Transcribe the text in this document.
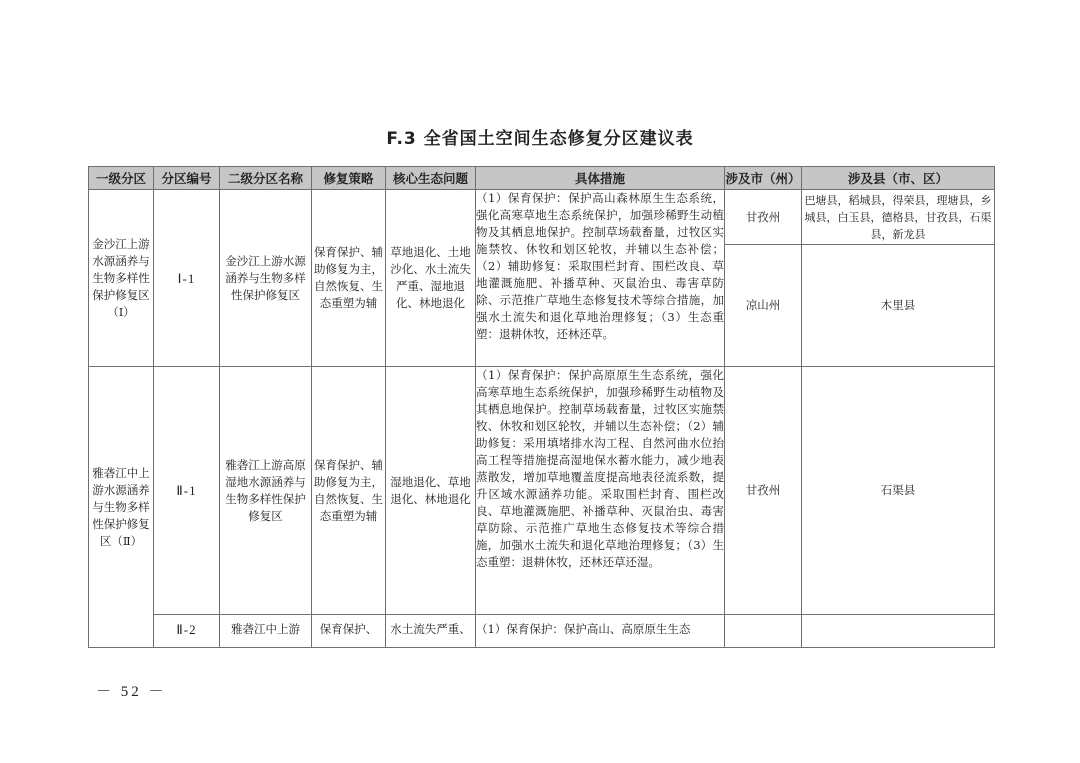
F.3 全省国土空间生态修复分区建议表
一级分区	分区编号	二级分区名称	修复策略	核心生态问题	具体措施	涉及市（州）	涉及县（市、区）
金沙江上游水源涵养与生物多样性保护修复区（Ⅰ）	Ⅰ-1	金沙江上游水源涵养与生物多样性保护修复区	保育保护、辅助修复为主，自然恢复、生态重塑为辅	草地退化、土地沙化、水土流失严重、湿地退化、林地退化	（1）保育保护：保护高山森林原生生态系统，强化高寒草地生态系统保护，加强珍稀野生动植物及其栖息地保护。控制草场载畜量，过牧区实施禁牧、休牧和划区轮牧，并辅以生态补偿；（2）辅助修复：采取围栏封育、围栏改良、草地灌溉施肥、补播草种、灭鼠治虫、毒害草防除、示范推广草地生态修复技术等综合措施，加强水土流失和退化草地治理修复；（3）生态重塑：退耕休牧，还林还草。	甘孜州	巴塘县，稻城县，得荣县，理塘县，乡城县，白玉县，德格县，甘孜县，石渠县，新龙县
						凉山州	木里县
雅砻江中上游水源涵养与生物多样性保护修复区（Ⅱ）	Ⅱ-1	雅砻江上游高原湿地水源涵养与生物多样性保护修复区	保育保护、辅助修复为主，自然恢复、生态重塑为辅	湿地退化、草地退化、林地退化	（1）保育保护：保护高原原生生态系统，强化高寒草地生态系统保护，加强珍稀野生动植物及其栖息地保护。控制草场载畜量，过牧区实施禁牧、休牧和划区轮牧，并辅以生态补偿；（2）辅助修复：采用填堵排水沟工程、自然河曲水位抬高工程等措施提高湿地保水蓄水能力，减少地表蒸散发，增加草地覆盖度提高地表径流系数，提升区域水源涵养功能。采取围栏封育、围栏改良、草地灌溉施肥、补播草种、灭鼠治虫、毒害草防除、示范推广草地生态修复技术等综合措施，加强水土流失和退化草地治理修复；（3）生态重塑：退耕休牧，还林还草还湿。	甘孜州	石渠县
	Ⅱ-2	雅砻江中上游	保育保护、	水土流失严重、	（1）保育保护：保护高山、高原原生生态		
－ 52 －
